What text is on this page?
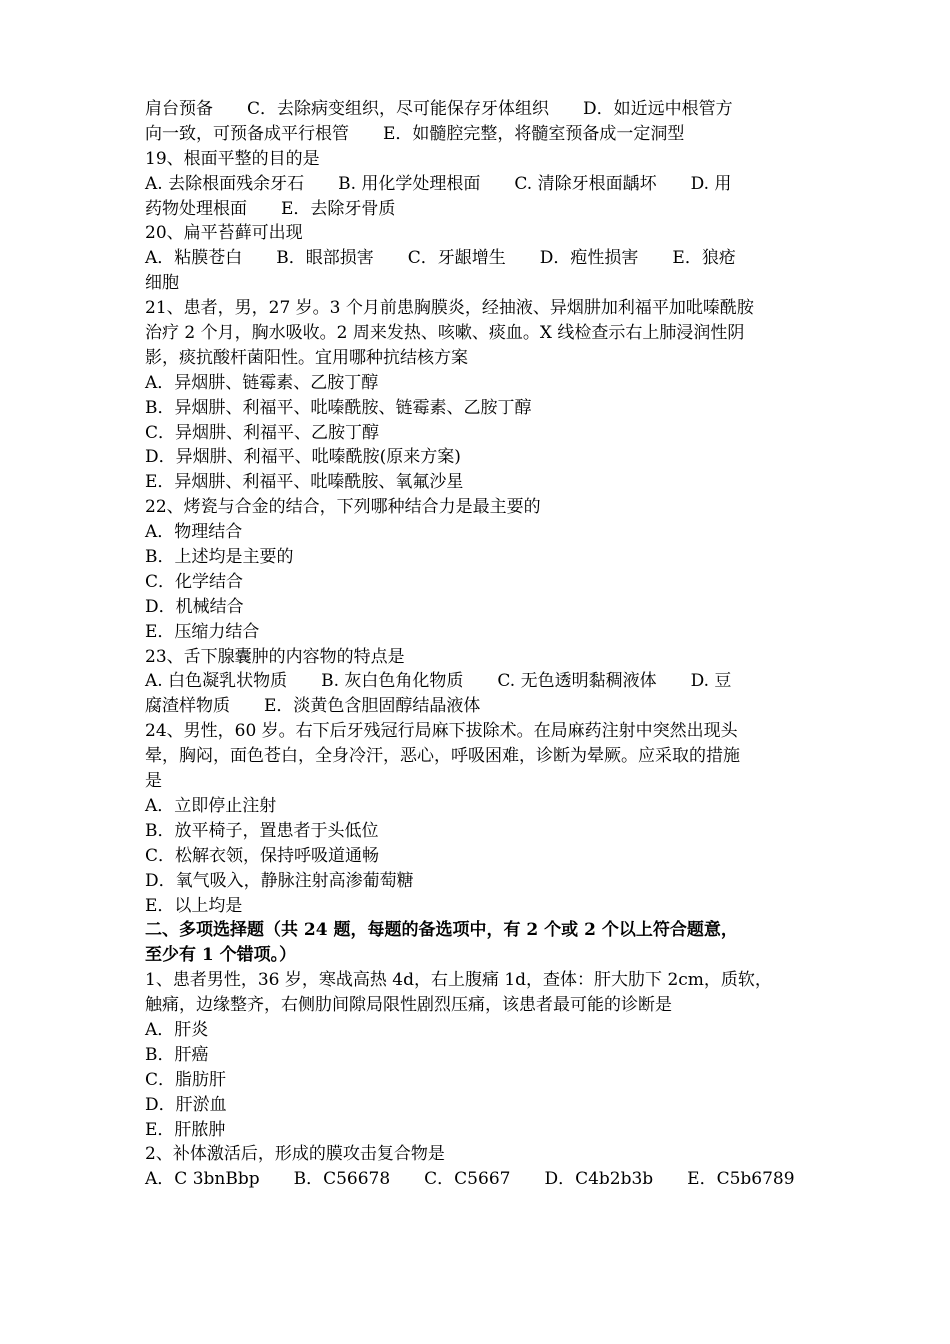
肩台预备　　C．去除病变组织，尽可能保存牙体组织　　D．如近远中根管方
向一致，可预备成平行根管　　E．如髓腔完整，将髓室预备成一定洞型
19、根面平整的目的是
A. 去除根面残余牙石　　B. 用化学处理根面　　C. 清除牙根面龋坏　　D. 用
药物处理根面　　E．去除牙骨质
20、扁平苔藓可出现
A．粘膜苍白　　B．眼部损害　　C．牙龈增生　　D．疱性损害　　E．狼疮
细胞
21、患者，男，27 岁。3 个月前患胸膜炎，经抽液、异烟肼加利福平加吡嗪酰胺
治疗 2 个月，胸水吸收。2 周来发热、咳嗽、痰血。X 线检查示右上肺浸润性阴
影，痰抗酸杆菌阳性。宜用哪种抗结核方案
A．异烟肼、链霉素、乙胺丁醇
B．异烟肼、利福平、吡嗪酰胺、链霉素、乙胺丁醇
C．异烟肼、利福平、乙胺丁醇
D．异烟肼、利福平、吡嗪酰胺(原来方案)
E．异烟肼、利福平、吡嗪酰胺、氧氟沙星
22、烤瓷与合金的结合，下列哪种结合力是最主要的
A．物理结合
B．上述均是主要的
C．化学结合
D．机械结合
E．压缩力结合
23、舌下腺囊肿的内容物的特点是
A. 白色凝乳状物质　　B. 灰白色角化物质　　C. 无色透明黏稠液体　　D. 豆
腐渣样物质　　E．淡黄色含胆固醇结晶液体
24、男性，60 岁。右下后牙残冠行局麻下拔除术。在局麻药注射中突然出现头
晕，胸闷，面色苍白，全身冷汗，恶心，呼吸困难，诊断为晕厥。应采取的措施
是
A．立即停止注射
B．放平椅子，置患者于头低位
C．松解衣领，保持呼吸道通畅
D．氧气吸入，静脉注射高渗葡萄糖
E．以上均是
二、多项选择题（共 24 题，每题的备选项中，有 2 个或 2 个以上符合题意，
至少有 1 个错项。）
1、患者男性，36 岁，寒战高热 4d，右上腹痛 1d，查体：肝大肋下 2cm，质软，
触痛，边缘整齐，右侧肋间隙局限性剧烈压痛，该患者最可能的诊断是
A．肝炎
B．肝癌
C．脂肪肝
D．肝淤血
E．肝脓肿
2、补体激活后，形成的膜攻击复合物是
A．C 3bnBbp　　B．C56678　　C．C5667　　D．C4b2b3b　　E．C5b6789
